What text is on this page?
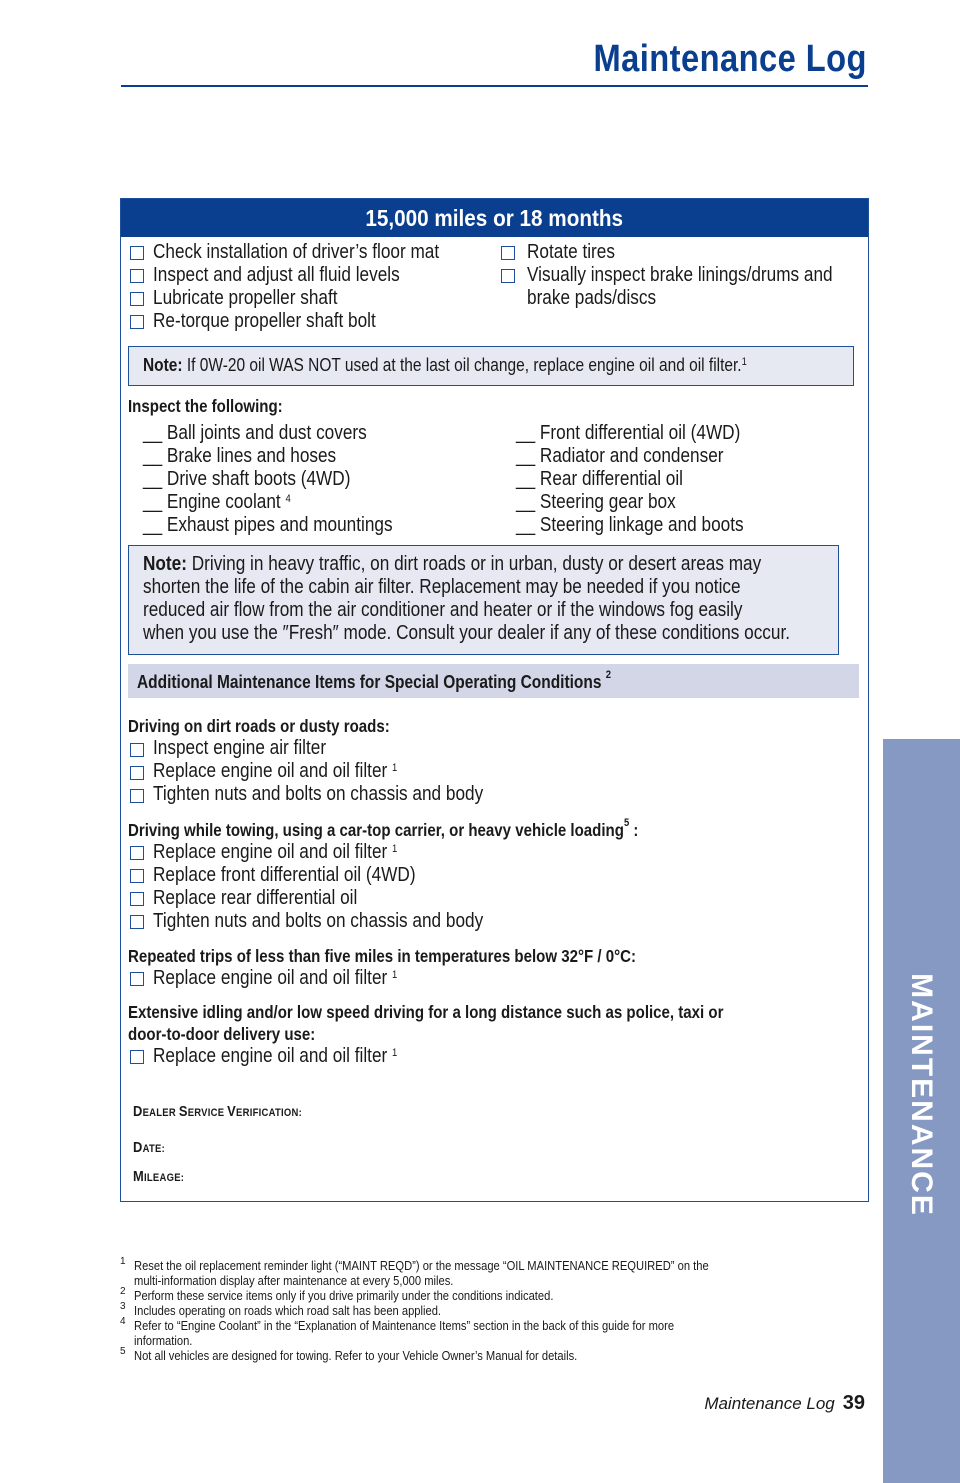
Maintenance Log
15,000 miles or 18 months
Check installation of driver’s floor mat
Inspect and adjust all fluid levels
Lubricate propeller shaft
Re-torque propeller shaft bolt
Rotate tires
Visually inspect brake linings/drums and
brake pads/discs
Note: If 0W-20 oil WAS NOT used at the last oil change, replace engine oil and oil filter.$^1$
Inspect the following:
__ Ball joints and dust covers
__ Brake lines and hoses
__ Drive shaft boots (4WD)
__ Engine coolant $^4$
__ Exhaust pipes and mountings
__ Front differential oil (4WD)
__ Radiator and condenser
__ Rear differential oil
__ Steering gear box
__ Steering linkage and boots
Note: Driving in heavy traffic, on dirt roads or in urban, dusty or desert areas may
shorten the life of the cabin air filter. Replacement may be needed if you notice
reduced air flow from the air conditioner and heater or if the windows fog easily
when you use the ″Fresh″ mode. Consult your dealer if any of these conditions occur.
Additional Maintenance Items for Special Operating Conditions $^2$
Driving on dirt roads or dusty roads:
Inspect engine air filter
Replace engine oil and oil filter $^1$
Tighten nuts and bolts on chassis and body
Driving while towing, using a car-top carrier, or heavy vehicle loading$^5$ :
Replace engine oil and oil filter $^1$
Replace front differential oil (4WD)
Replace rear differential oil
Tighten nuts and bolts on chassis and body
Repeated trips of less than five miles in temperatures below 32°F / 0°C:
Replace engine oil and oil filter $^1$
Extensive idling and/or low speed driving for a long distance such as police, taxi or
door-to-door delivery use:
Replace engine oil and oil filter $^1$
DEALER SERVICE VERIFICATION:
DATE:
MILEAGE:
1 Reset the oil replacement reminder light (“MAINT REQD”) or the message “OIL MAINTENANCE REQUIRED” on the
multi-information display after maintenance at every 5,000 miles.
2 Perform these service items only if you drive primarily under the conditions indicated.
3 Includes operating on roads which road salt has been applied.
4 Refer to “Engine Coolant” in the “Explanation of Maintenance Items” section in the back of this guide for more
information.
5 Not all vehicles are designed for towing. Refer to your Vehicle Owner’s Manual for details.
Maintenance Log 39
MAINTENANCE
